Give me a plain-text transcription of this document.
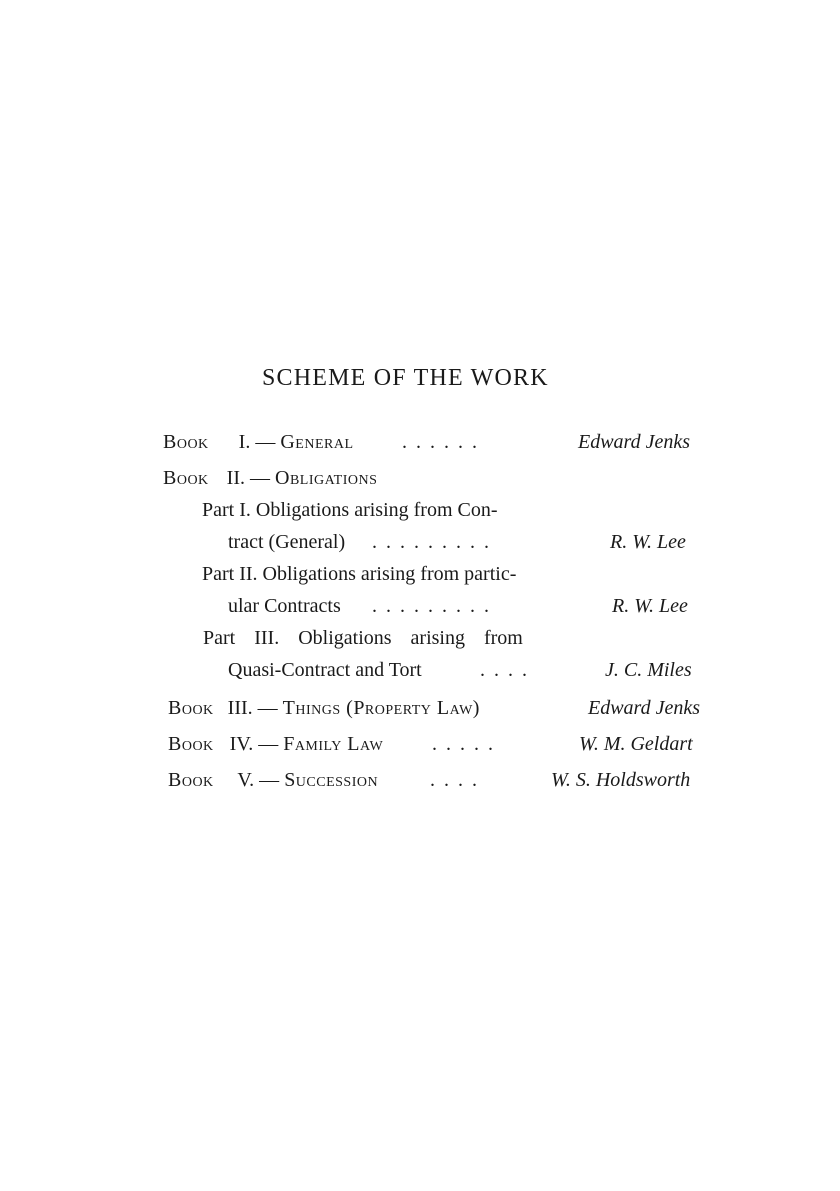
SCHEME OF THE WORK
Book I. — General ......	Edward Jenks
Book II. — Obligations
Part I. Obligations arising from Con-
tract (General) .........	R. W. Lee
Part II. Obligations arising from partic-
ular Contracts .........	R. W. Lee
Part III. Obligations arising from
Quasi-Contract and Tort	....	J. C. Miles
Book III. — Things (Property Law)	Edward Jenks
Book IV. — Family Law .....	W. M. Geldart
Book V. — Succession	....	W. S. Holdsworth
